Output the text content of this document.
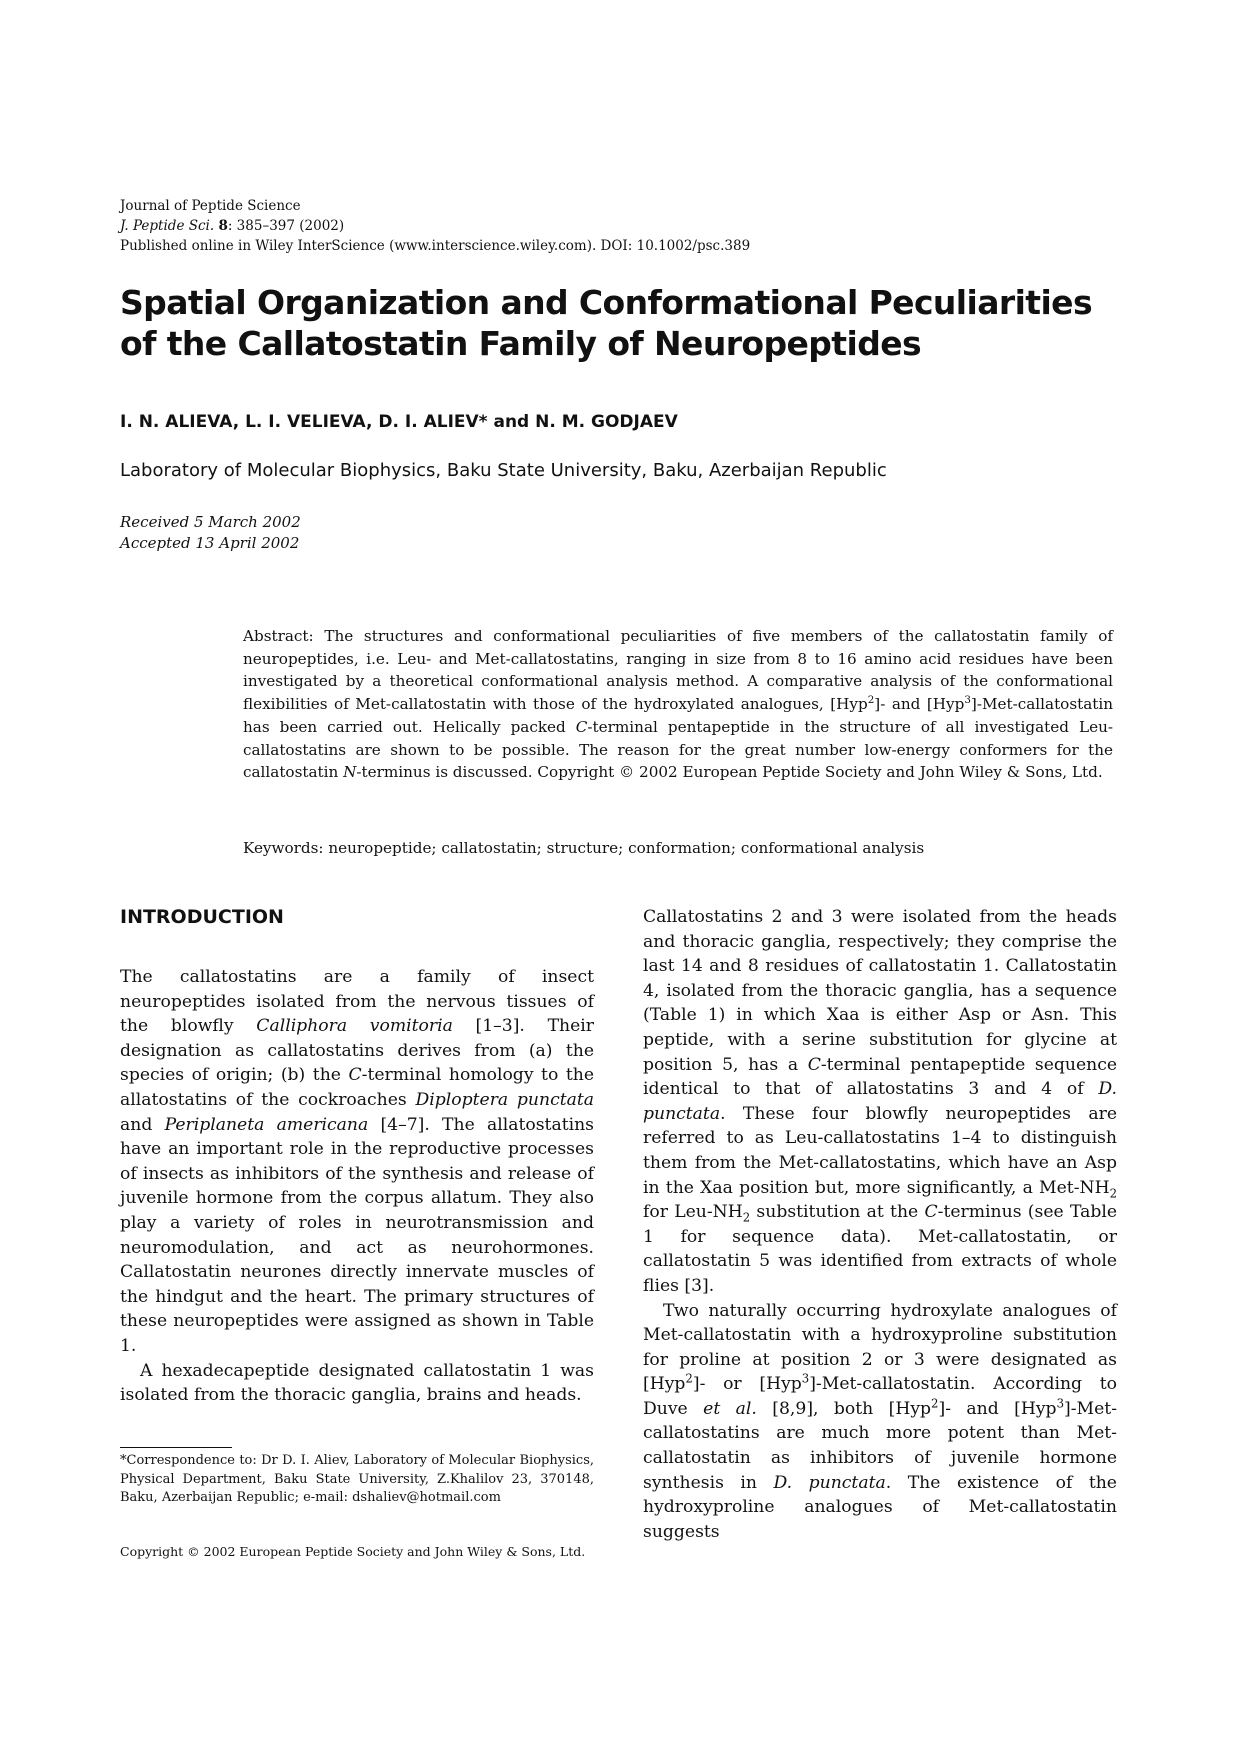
Journal of Peptide Science
J. Peptide Sci. 8: 385–397 (2002)
Published online in Wiley InterScience (www.interscience.wiley.com). DOI: 10.1002/psc.389
Spatial Organization and Conformational Peculiarities
of the Callatostatin Family of Neuropeptides
I. N. ALIEVA, L. I. VELIEVA, D. I. ALIEV* and N. M. GODJAEV
Laboratory of Molecular Biophysics, Baku State University, Baku, Azerbaijan Republic
Received 5 March 2002
Accepted 13 April 2002
Abstract: The structures and conformational peculiarities of five members of the callatostatin family of neuropeptides, i.e. Leu- and Met-callatostatins, ranging in size from 8 to 16 amino acid residues have been investigated by a theoretical conformational analysis method. A comparative analysis of the conformational flexibilities of Met-callatostatin with those of the hydroxylated analogues, [Hyp$^2$]- and [Hyp$^3$]-Met-callatostatin has been carried out. Helically packed C-terminal pentapeptide in the structure of all investigated Leu-callatostatins are shown to be possible. The reason for the great number low-energy conformers for the callatostatin N-terminus is discussed. Copyright © 2002 European Peptide Society and John Wiley & Sons, Ltd.
Keywords: neuropeptide; callatostatin; structure; conformation; conformational analysis
INTRODUCTION

The callatostatins are a family of insect neuropeptides isolated from the nervous tissues of the blowfly Calliphora vomitoria [1–3]. Their designation as callatostatins derives from (a) the species of origin; (b) the C-terminal homology to the allatostatins of the cockroaches Diploptera punctata and Periplaneta americana [4–7]. The allatostatins have an important role in the reproductive processes of insects as inhibitors of the synthesis and release of juvenile hormone from the corpus allatum. They also play a variety of roles in neurotransmission and neuromodulation, and act as neurohormones. Callatostatin neurones directly innervate muscles of the hindgut and the heart. The primary structures of these neuropeptides were assigned as shown in Table 1.

A hexadecapeptide designated callatostatin 1 was isolated from the thoracic ganglia, brains and heads.

*Correspondence to: Dr D. I. Aliev, Laboratory of Molecular Biophysics, Physical Department, Baku State University, Z.Khalilov 23, 370148, Baku, Azerbaijan Republic; e-mail: dshaliev@hotmail.com
Copyright © 2002 European Peptide Society and John Wiley & Sons, Ltd.

Callatostatins 2 and 3 were isolated from the heads and thoracic ganglia, respectively; they comprise the last 14 and 8 residues of callatostatin 1. Callatostatin 4, isolated from the thoracic ganglia, has a sequence (Table 1) in which Xaa is either Asp or Asn. This peptide, with a serine substitution for glycine at position 5, has a C-terminal pentapeptide sequence identical to that of allatostatins 3 and 4 of D. punctata. These four blowfly neuropeptides are referred to as Leu-callatostatins 1–4 to distinguish them from the Met-callatostatins, which have an Asp in the Xaa position but, more significantly, a Met-$NH_2$ for Leu-$NH_2$ substitution at the C-terminus (see Table 1 for sequence data). Met-callatostatin, or callatostatin 5 was identified from extracts of whole flies [3].

Two naturally occurring hydroxylate analogues of Met-callatostatin with a hydroxyproline substitution for proline at position 2 or 3 were designated as [Hyp$^2$]- or [Hyp$^3$]-Met-callatostatin. According to Duve et al. [8,9], both [Hyp$^2$]- and [Hyp$^3$]-Met-callatostatins are much more potent than Met-callatostatin as inhibitors of juvenile hormone synthesis in D. punctata. The existence of the hydroxyproline analogues of Met-callatostatin suggests
